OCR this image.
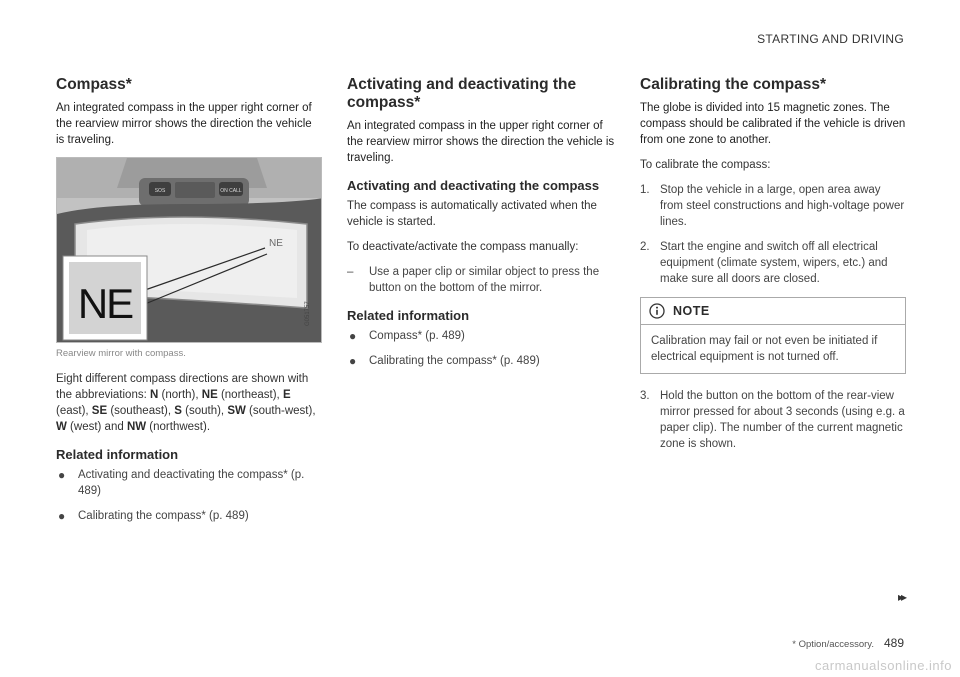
STARTING AND DRIVING
Compass*

An integrated compass in the upper right corner of the rearview mirror shows the direction the vehicle is traveling.

SOS	ON CALL
NE
NE	G051757
Rearview mirror with compass.

Eight different compass directions are shown with the abbreviations: N (north), NE (northeast), E (east), SE (southeast), S (south), SW (south-west), W (west) and NW (northwest).

Related information
● Activating and deactivating the compass* (p. 489)
● Calibrating the compass* (p. 489)
Activating and deactivating the compass*

An integrated compass in the upper right corner of the rearview mirror shows the direction the vehicle is traveling.

Activating and deactivating the compass

The compass is automatically activated when the vehicle is started.

To deactivate/activate the compass manually:

– Use a paper clip or similar object to press the button on the bottom of the mirror.
Related information
● Compass* (p. 489)
● Calibrating the compass* (p. 489)
Calibrating the compass*

The globe is divided into 15 magnetic zones. The compass should be calibrated if the vehicle is driven from one zone to another.

To calibrate the compass:

1. Stop the vehicle in a large, open area away from steel constructions and high-voltage power lines.
2. Start the engine and switch off all electrical equipment (climate system, wipers, etc.) and make sure all doors are closed.
NOTE
Calibration may fail or not even be initiated if electrical equipment is not turned off.
3. Hold the button on the bottom of the rear-view mirror pressed for about 3 seconds (using e.g. a paper clip). The number of the current magnetic zone is shown.
▸▸
* Option/accessory. 489
carmanualsonline.info
